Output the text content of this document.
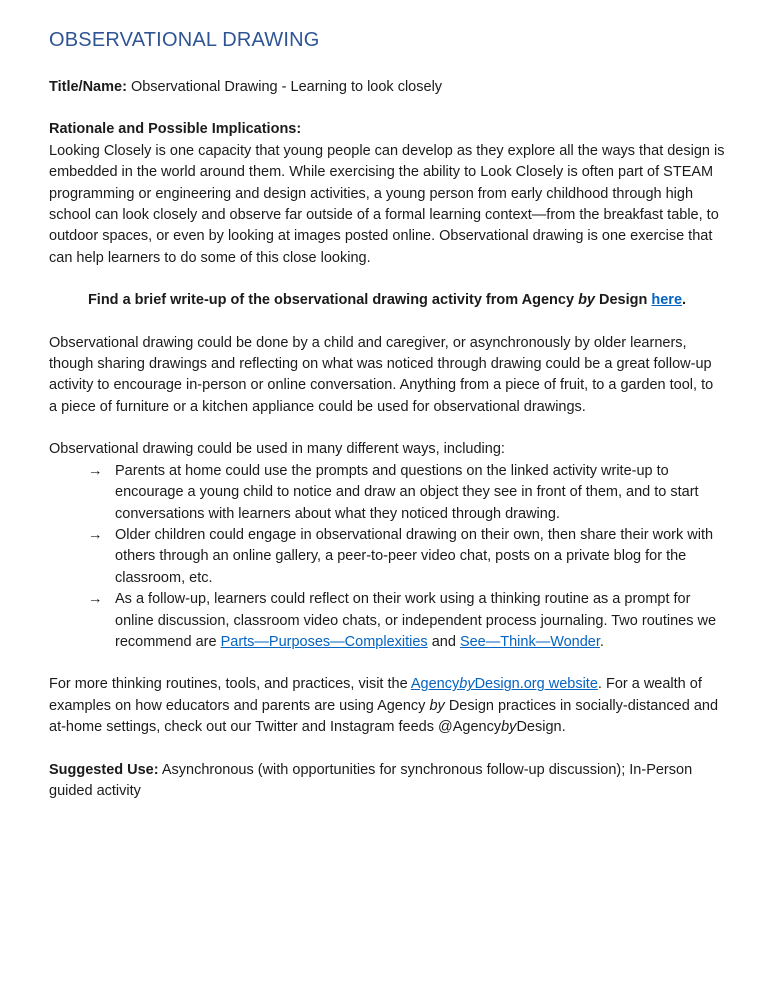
OBSERVATIONAL DRAWING

Title/Name: Observational Drawing - Learning to look closely

Rationale and Possible Implications:

Looking Closely is one capacity that young people can develop as they explore all the ways that design is embedded in the world around them. While exercising the ability to Look Closely is often part of STEAM programming or engineering and design activities, a young person from early childhood through high school can look closely and observe far outside of a formal learning context—from the breakfast table, to outdoor spaces, or even by looking at images posted online. Observational drawing is one exercise that can help learners to do some of this close looking.

Find a brief write-up of the observational drawing activity from Agency by Design here.

Observational drawing could be done by a child and caregiver, or asynchronously by older learners, though sharing drawings and reflecting on what was noticed through drawing could be a great follow-up activity to encourage in-person or online conversation. Anything from a piece of fruit, to a garden tool, to a piece of furniture or a kitchen appliance could be used for observational drawings.

Observational drawing could be used in many different ways, including:

→ Parents at home could use the prompts and questions on the linked activity write-up to encourage a young child to notice and draw an object they see in front of them, and to start conversations with learners about what they noticed through drawing.
→ Older children could engage in observational drawing on their own, then share their work with others through an online gallery, a peer-to-peer video chat, posts on a private blog for the classroom, etc.
→ As a follow-up, learners could reflect on their work using a thinking routine as a prompt for online discussion, classroom video chats, or independent process journaling. Two routines we recommend are Parts—Purposes—Complexities and See—Think—Wonder.

For more thinking routines, tools, and practices, visit the AgencybyDesign.org website. For a wealth of examples on how educators and parents are using Agency by Design practices in socially-distanced and at-home settings, check out our Twitter and Instagram feeds @AgencybyDesign.

Suggested Use: Asynchronous (with opportunities for synchronous follow-up discussion); In-Person guided activity
